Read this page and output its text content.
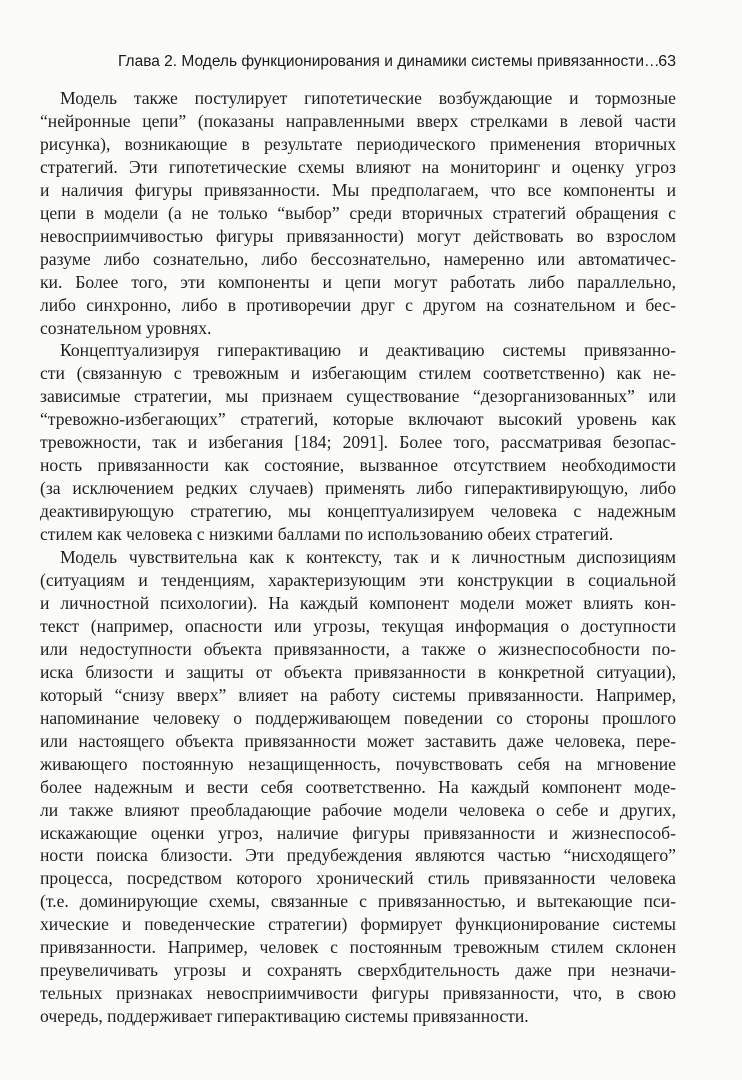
Глава 2. Модель функционирования и динамики системы привязанности…
63
Модель также постулирует гипотетические возбуждающие и тормозные
“нейронные цепи” (показаны направленными вверх стрелками в левой части
рисунка), возникающие в результате периодического применения вторичных
стратегий. Эти гипотетические схемы влияют на мониторинг и оценку угроз
и наличия фигуры привязанности. Мы предполагаем, что все компоненты и
цепи в модели (а не только “выбор” среди вторичных стратегий обращения с
невосприимчивостью фигуры привязанности) могут действовать во взрослом
разуме либо сознательно, либо бессознательно, намеренно или автоматичес-
ки. Более того, эти компоненты и цепи могут работать либо параллельно,
либо синхронно, либо в противоречии друг с другом на сознательном и бес-
сознательном уровнях.
Концептуализируя гиперактивацию и деактивацию системы привязанно-
сти (связанную с тревожным и избегающим стилем соответственно) как не-
зависимые стратегии, мы признаем существование “дезорганизованных” или
“тревожно-избегающих” стратегий, которые включают высокий уровень как
тревожности, так и избегания [184; 2091]. Более того, рассматривая безопас-
ность привязанности как состояние, вызванное отсутствием необходимости
(за исключением редких случаев) применять либо гиперактивирующую, либо
деактивирующую стратегию, мы концептуализируем человека с надежным
стилем как человека с низкими баллами по использованию обеих стратегий.
Модель чувствительна как к контексту, так и к личностным диспозициям
(ситуациям и тенденциям, характеризующим эти конструкции в социальной
и личностной психологии). На каждый компонент модели может влиять кон-
текст (например, опасности или угрозы, текущая информация о доступности
или недоступности объекта привязанности, а также о жизнеспособности по-
иска близости и защиты от объекта привязанности в конкретной ситуации),
который “снизу вверх” влияет на работу системы привязанности. Например,
напоминание человеку о поддерживающем поведении со стороны прошлого
или настоящего объекта привязанности может заставить даже человека, пере-
живающего постоянную незащищенность, почувствовать себя на мгновение
более надежным и вести себя соответственно. На каждый компонент моде-
ли также влияют преобладающие рабочие модели человека о себе и других,
искажающие оценки угроз, наличие фигуры привязанности и жизнеспособ-
ности поиска близости. Эти предубеждения являются частью “нисходящего”
процесса, посредством которого хронический стиль привязанности человека
(т.е. доминирующие схемы, связанные с привязанностью, и вытекающие пси-
хические и поведенческие стратегии) формирует функционирование системы
привязанности. Например, человек с постоянным тревожным стилем склонен
преувеличивать угрозы и сохранять сверхбдительность даже при незначи-
тельных признаках невосприимчивости фигуры привязанности, что, в свою
очередь, поддерживает гиперактивацию системы привязанности.
